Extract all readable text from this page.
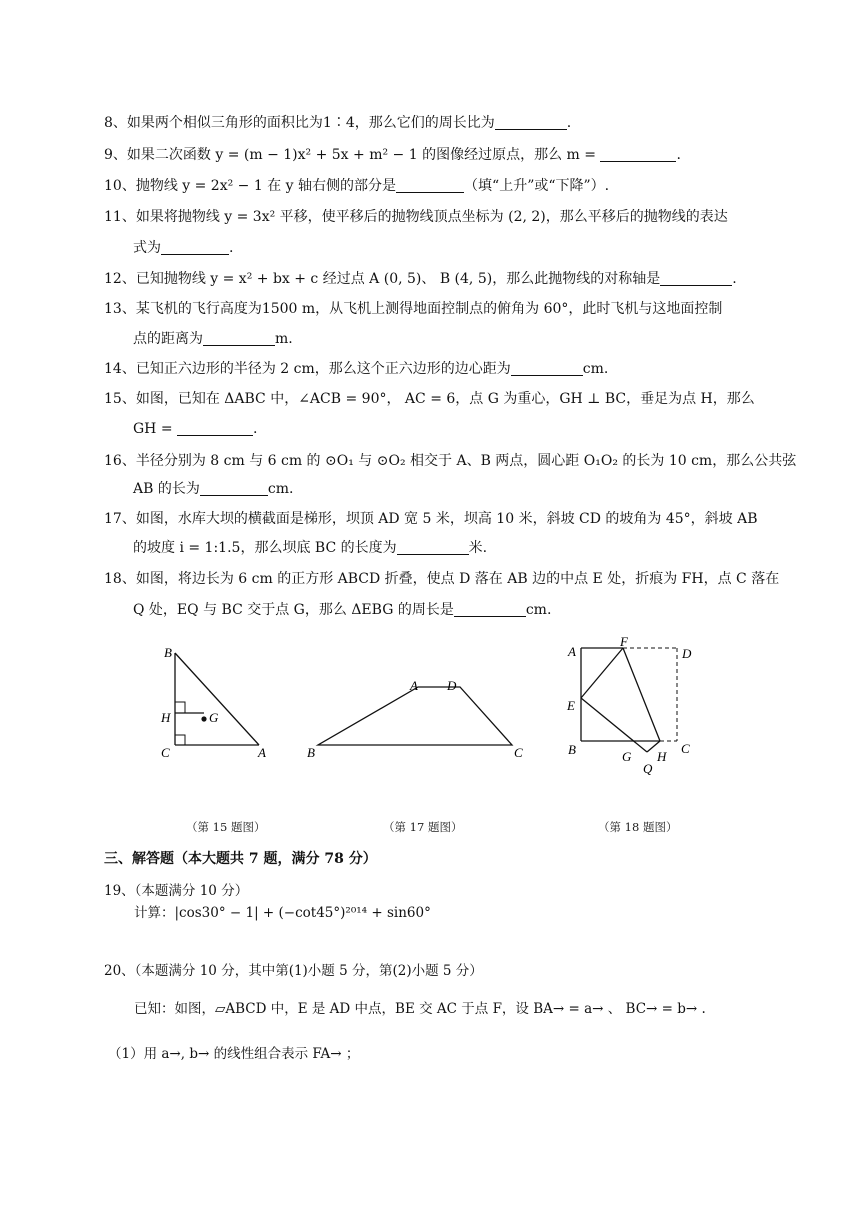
8、如果两个相似三角形的面积比为1∶4，那么它们的周长比为	.
9、如果二次函数 y = (m − 1)x² + 5x + m² − 1 的图像经过原点，那么 m =	.
10、抛物线 y = 2x² − 1 在 y 轴右侧的部分是	（填“上升”或“下降”）.
11、如果将抛物线 y = 3x² 平移，使平移后的抛物线顶点坐标为 (2, 2)，那么平移后的抛物线的表达
式为	.
12、已知抛物线 y = x² + bx + c 经过点 A (0, 5)、 B (4, 5)，那么此抛物线的对称轴是	.
13、某飞机的飞行高度为1500 m，从飞机上测得地面控制点的俯角为 60°，此时飞机与这地面控制
点的距离为	m.
14、已知正六边形的半径为 2 cm，那么这个正六边形的边心距为	cm.
15、如图，已知在 ΔABC 中，∠ACB = 90°， AC = 6，点 G 为重心，GH ⊥ BC，垂足为点 H，那么
GH =	.
16、半径分别为 8 cm 与 6 cm 的 ⊙O₁ 与 ⊙O₂ 相交于 A、B 两点，圆心距 O₁O₂ 的长为 10 cm，那么公共弦
AB 的长为	cm.
17、如图，水库大坝的横截面是梯形，坝顶 AD 宽 5 米，坝高 10 米，斜坡 CD 的坡角为 45°，斜坡 AB
的坡度 i = 1:1.5，那么坝底 BC 的长度为	米.
18、如图，将边长为 6 cm 的正方形 ABCD 折叠，使点 D 落在 AB 边的中点 E 处，折痕为 FH，点 C 落在
Q 处，EQ 与 BC 交于点 G，那么 ΔEBG 的周长是	cm.
B
H	G
C	A
A D
B	C
A
F
D
E
B	G H
C
Q
（第 15 题图）	（第 17 题图）	（第 18 题图）
三、解答题（本大题共 7 题，满分 78 分）
19、（本题满分 10 分）
计算：|cos30° − 1| + (−cot45°)²⁰¹⁴ + sin60°
20、（本题满分 10 分，其中第(1)小题 5 分，第(2)小题 5 分）
已知：如图，▱ABCD 中，E 是 AD 中点，BE 交 AC 于点 F，设 BA→ = a→ 、 BC→ = b→ .
（1）用 a→, b→ 的线性组合表示 FA→ ；
